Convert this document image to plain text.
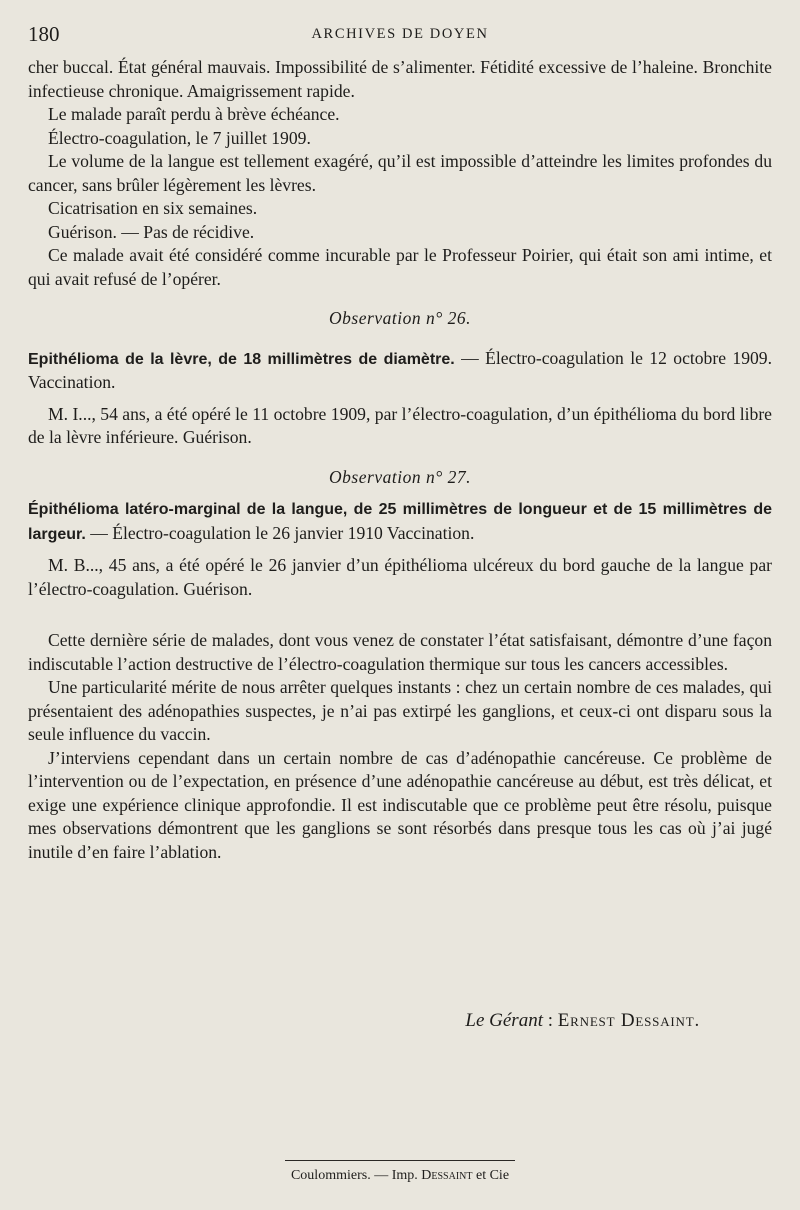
180	ARCHIVES DE DOYEN

cher buccal. État général mauvais. Impossibilité de s’alimenter. Fétidité excessive de l’haleine. Bronchite infectieuse chronique. Amaigrissement rapide.

Le malade paraît perdu à brève échéance.

Électro-coagulation, le 7 juillet 1909.

Le volume de la langue est tellement exagéré, qu’il est impossible d’atteindre les limites profondes du cancer, sans brûler légèrement les lèvres.

Cicatrisation en six semaines.

Guérison. — Pas de récidive.

Ce malade avait été considéré comme incurable par le Professeur Poirier, qui était son ami intime, et qui avait refusé de l’opérer.

Observation n° 26.

Epithélioma de la lèvre, de 18 millimètres de diamètre. — Électro-coagulation le 12 octobre 1909. Vaccination.

M. I..., 54 ans, a été opéré le 11 octobre 1909, par l’électro-coagulation, d’un épithélioma du bord libre de la lèvre inférieure. Guérison.

Observation n° 27.

Épithélioma latéro-marginal de la langue, de 25 millimètres de longueur et de 15 millimètres de largeur. — Électro-coagulation le 26 janvier 1910 Vaccination.

M. B..., 45 ans, a été opéré le 26 janvier d’un épithélioma ulcéreux du bord gauche de la langue par l’électro-coagulation. Guérison.

Cette dernière série de malades, dont vous venez de constater l’état satisfaisant, démontre d’une façon indiscutable l’action destructive de l’électro-coagulation thermique sur tous les cancers accessibles.

Une particularité mérite de nous arrêter quelques instants : chez un certain nombre de ces malades, qui présentaient des adénopathies suspectes, je n’ai pas extirpé les ganglions, et ceux-ci ont disparu sous la seule influence du vaccin.

J’interviens cependant dans un certain nombre de cas d’adénopathie cancéreuse. Ce problème de l’intervention ou de l’expectation, en présence d’une adénopathie cancéreuse au début, est très délicat, et exige une expérience clinique approfondie. Il est indiscutable que ce problème peut être résolu, puisque mes observations démontrent que les ganglions se sont résorbés dans presque tous les cas où j’ai jugé inutile d’en faire l’ablation.

Le Gérant : Ernest Dessaint.
Coulommiers. — Imp. Dessaint et Cie
